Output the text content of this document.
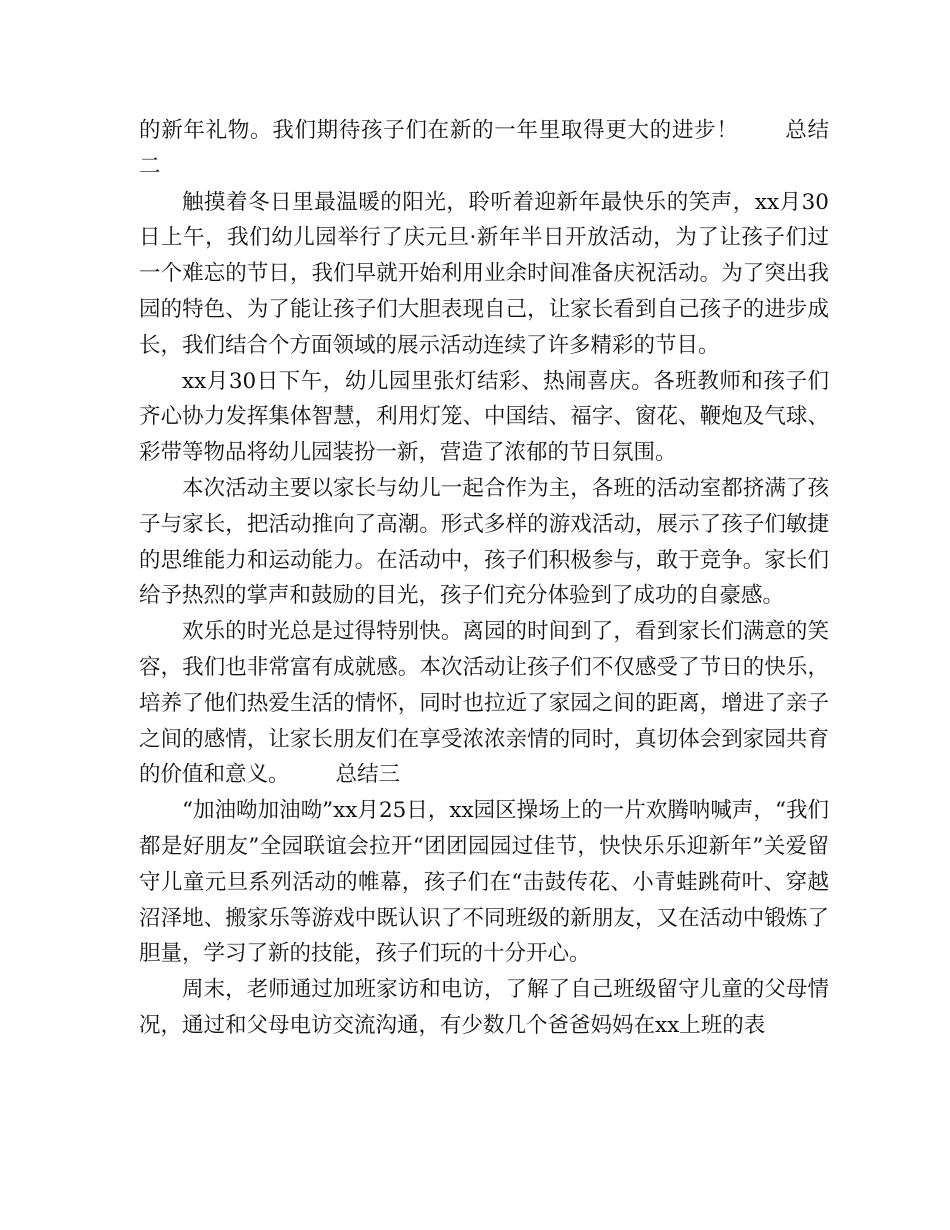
的新年礼物。我们期待孩子们在新的一年里取得更大的进步！ 总结二

触摸着冬日里最温暖的阳光，聆听着迎新年最快乐的笑声，xx月30日上午，我们幼儿园举行了庆元旦·新年半日开放活动，为了让孩子们过一个难忘的节日，我们早就开始利用业余时间准备庆祝活动。为了突出我园的特色、为了能让孩子们大胆表现自己，让家长看到自己孩子的进步成长，我们结合个方面领域的展示活动连续了许多精彩的节目。

xx月30日下午，幼儿园里张灯结彩、热闹喜庆。各班教师和孩子们齐心协力发挥集体智慧，利用灯笼、中国结、福字、窗花、鞭炮及气球、彩带等物品将幼儿园装扮一新，营造了浓郁的节日氛围。

本次活动主要以家长与幼儿一起合作为主，各班的活动室都挤满了孩子与家长，把活动推向了高潮。形式多样的游戏活动，展示了孩子们敏捷的思维能力和运动能力。在活动中，孩子们积极参与，敢于竞争。家长们给予热烈的掌声和鼓励的目光，孩子们充分体验到了成功的自豪感。

欢乐的时光总是过得特别快。离园的时间到了，看到家长们满意的笑容，我们也非常富有成就感。本次活动让孩子们不仅感受了节日的快乐，培养了他们热爱生活的情怀，同时也拉近了家园之间的距离，增进了亲子之间的感情，让家长朋友们在享受浓浓亲情的同时，真切体会到家园共育的价值和意义。 总结三

“加油呦加油呦”xx月25日，xx园区操场上的一片欢腾呐喊声，“我们都是好朋友”全园联谊会拉开“团团园园过佳节，快快乐乐迎新年”关爱留守儿童元旦系列活动的帷幕，孩子们在“击鼓传花、小青蛙跳荷叶、穿越沼泽地、搬家乐等游戏中既认识了不同班级的新朋友，又在活动中锻炼了胆量，学习了新的技能，孩子们玩的十分开心。

周末，老师通过加班家访和电访，了解了自己班级留守儿童的父母情况，通过和父母电访交流沟通，有少数几个爸爸妈妈在xx上班的表
